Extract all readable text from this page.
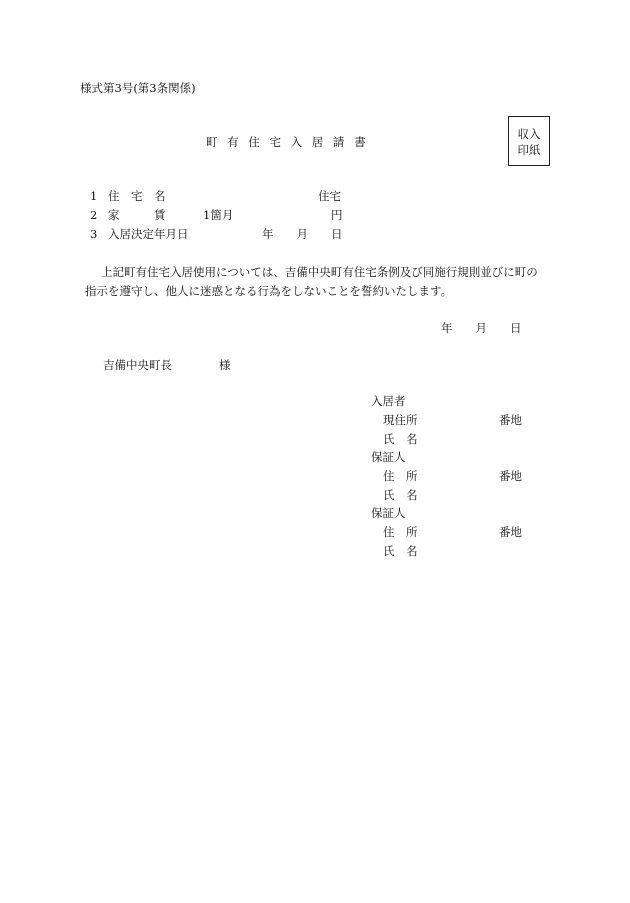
様式第3号(第3条関係)
町 有 住 宅 入 居 請 書
収入
印紙
1 住　宅　名	住宅
2 家　　　賃	1箇月	円
3 入居決定年月日	年　　月　　日

上記町有住宅入居使用については、吉備中央町有住宅条例及び同施行規則並びに町の

指示を遵守し、他人に迷惑となる行為をしないことを誓約いたします。

年　　月　　日
吉備中央町長	様
入居者
現住所	番地
氏　名
保証人
住　所	番地
氏　名
保証人
住　所	番地
氏　名
